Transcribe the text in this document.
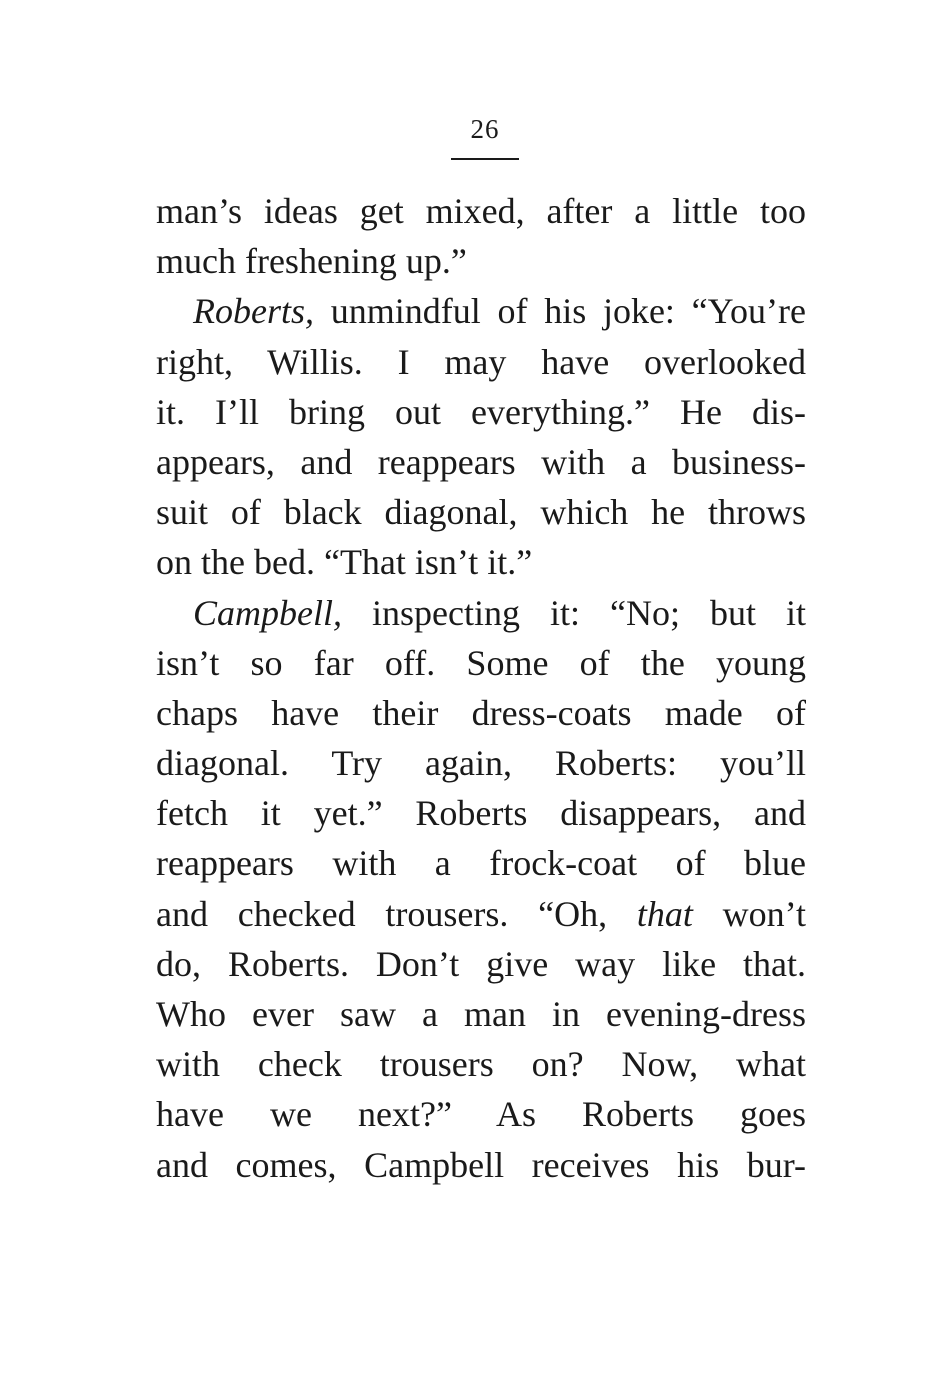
26
man’s ideas get mixed, after a little too
much freshening up.”
Roberts, unmindful of his joke: “You’re
right, Willis. I may have overlooked
it. I’ll bring out everything.” He dis-
appears, and reappears with a business-
suit of black diagonal, which he throws
on the bed. “That isn’t it.”
Campbell, inspecting it: “No; but it
isn’t so far off. Some of the young
chaps have their dress-coats made of
diagonal. Try again, Roberts: you’ll
fetch it yet.” Roberts disappears, and
reappears with a frock-coat of blue
and checked trousers. “Oh, that won’t
do, Roberts. Don’t give way like that.
Who ever saw a man in evening-dress
with check trousers on? Now, what
have we next?” As Roberts goes
and comes, Campbell receives his bur-
